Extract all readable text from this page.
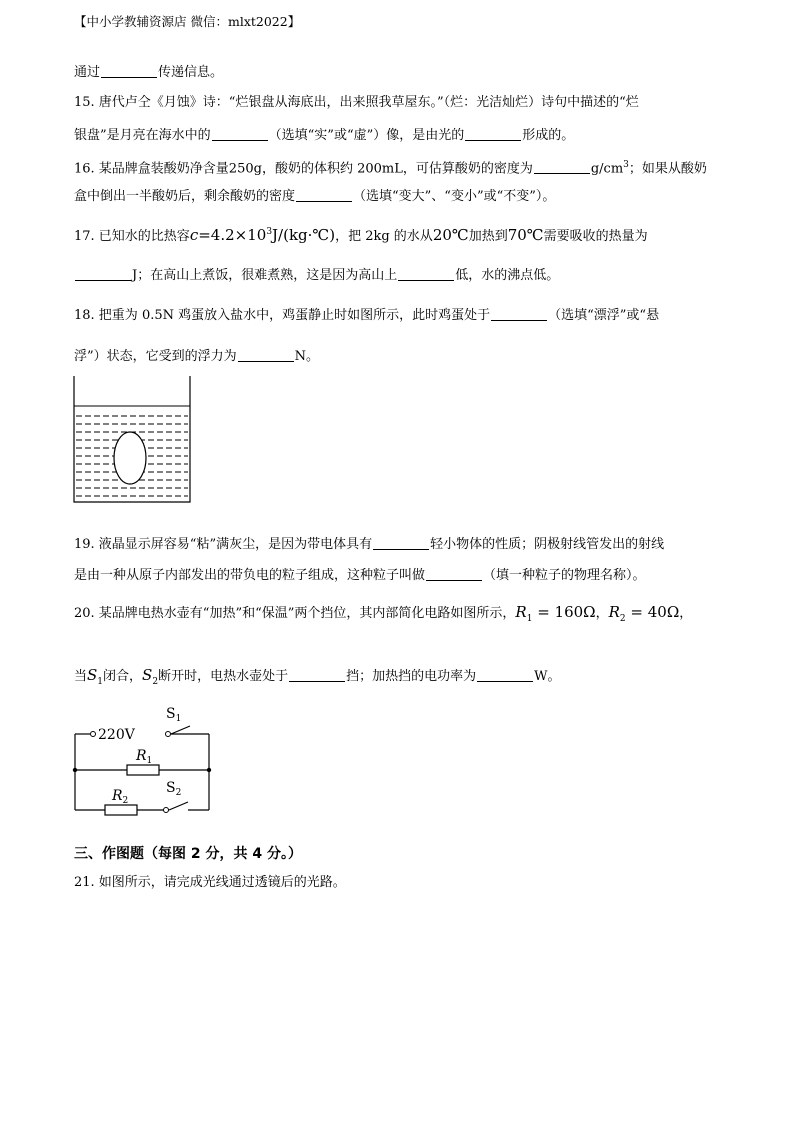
【中小学教辅资源店 微信：mlxt2022】
通过	传递信息。
15. 唐代卢仝《月蚀》诗：“烂银盘从海底出，出来照我草屋东。”（烂：光洁灿烂）诗句中描述的“烂
银盘”是月亮在海水中的	（选填“实”或“虚”）像，是由光的	形成的。
16. 某品牌盒装酸奶净含量250g，酸奶的体积约 200mL，可估算酸奶的密度为	$g/cm^3$；如果从酸奶
盒中倒出一半酸奶后，剩余酸奶的密度	（选填“变大”、“变小”或“不变”）。
17. 已知水的比热容$c=4.2\times 10^3J/(kg\cdot℃)$，把 2kg 的水从20℃加热到70℃需要吸收的热量为
J；在高山上煮饭，很难煮熟，这是因为高山上	低，水的沸点低。
18. 把重为 0.5N 鸡蛋放入盐水中，鸡蛋静止时如图所示，此时鸡蛋处于	（选填“漂浮”或“悬
浮”）状态，它受到的浮力为	N。
19. 液晶显示屏容易“粘”满灰尘，是因为带电体具有	轻小物体的性质；阴极射线管发出的射线
是由一种从原子内部发出的带负电的粒子组成，这种粒子叫做	（填一种粒子的物理名称）。
20. 某品牌电热水壶有“加热”和“保温”两个挡位，其内部简化电路如图所示，$R_1 = 160\Omega$，$R_2 = 40\Omega$，
当$S_1$闭合，$S_2$断开时，电热水壶处于	挡；加热挡的电功率为	W。
220V
$S_1$
$R_1$
$R_2$
$S_2$
三、作图题（每图 2 分，共 4 分。）
21. 如图所示，请完成光线通过透镜后的光路。
